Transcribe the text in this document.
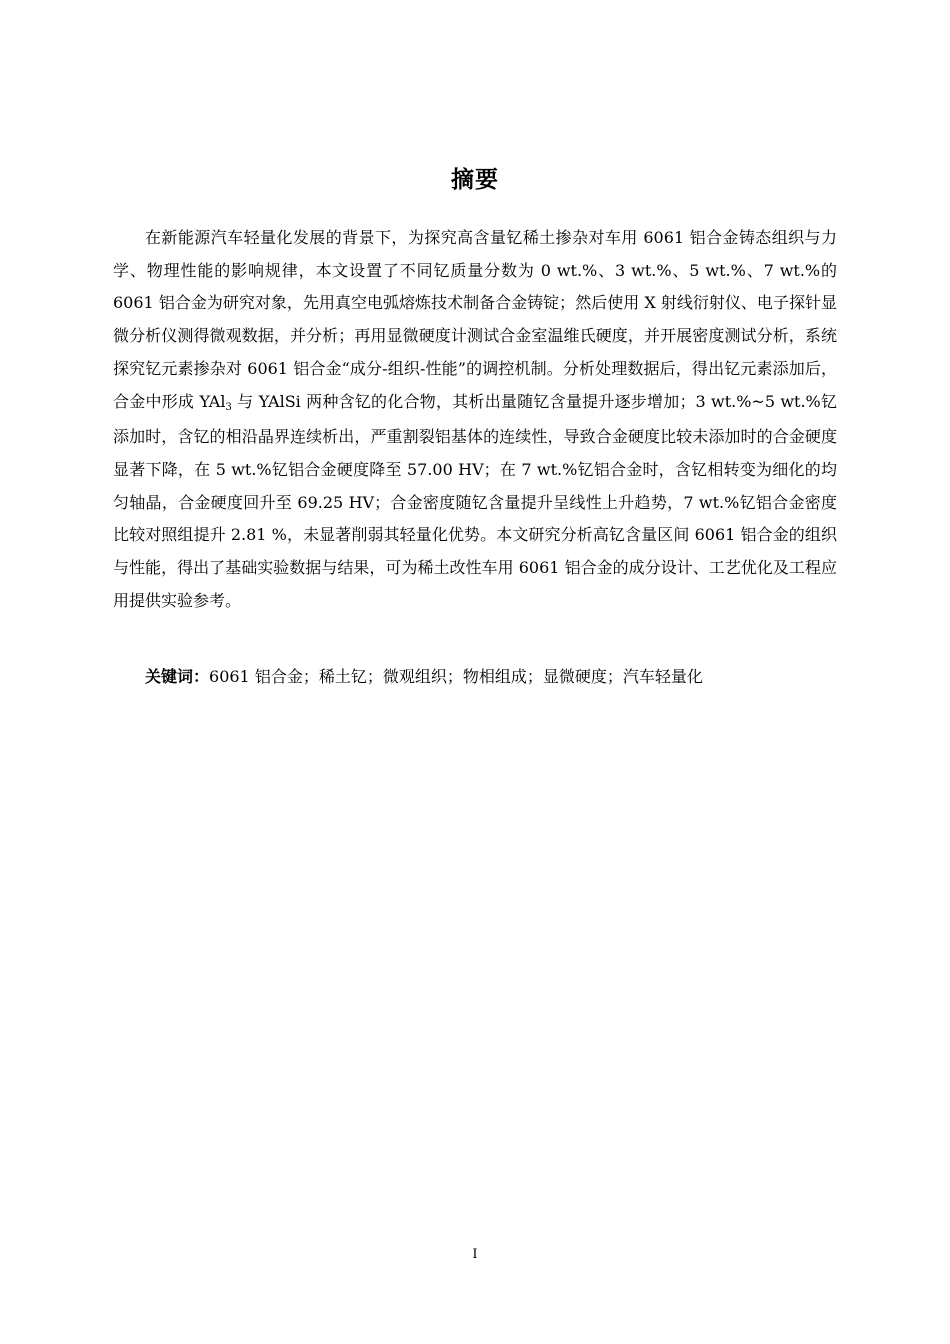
摘要

在新能源汽车轻量化发展的背景下，为探究高含量钇稀土掺杂对车用 6061 铝合金铸态组织与力学、物理性能的影响规律，本文设置了不同钇质量分数为 0 wt.%、3 wt.%、5 wt.%、7 wt.%的 6061 铝合金为研究对象，先用真空电弧熔炼技术制备合金铸锭；然后使用 X 射线衍射仪、电子探针显微分析仪测得微观数据，并分析；再用显微硬度计测试合金室温维氏硬度，并开展密度测试分析，系统探究钇元素掺杂对 6061 铝合金“成分-组织-性能”的调控机制。分析处理数据后，得出钇元素添加后，合金中形成 YAl$_3$ 与 YAlSi 两种含钇的化合物，其析出量随钇含量提升逐步增加；3 wt.%~5 wt.%钇添加时，含钇的相沿晶界连续析出，严重割裂铝基体的连续性，导致合金硬度比较未添加时的合金硬度显著下降，在 5 wt.%钇铝合金硬度降至 57.00 HV；在 7 wt.%钇铝合金时，含钇相转变为细化的均匀轴晶，合金硬度回升至 69.25 HV；合金密度随钇含量提升呈线性上升趋势，7 wt.%钇铝合金密度比较对照组提升 2.81 %，未显著削弱其轻量化优势。本文研究分析高钇含量区间 6061 铝合金的组织与性能，得出了基础实验数据与结果，可为稀土改性车用 6061 铝合金的成分设计、工艺优化及工程应用提供实验参考。

关键词：6061 铝合金；稀土钇；微观组织；物相组成；显微硬度；汽车轻量化

I
